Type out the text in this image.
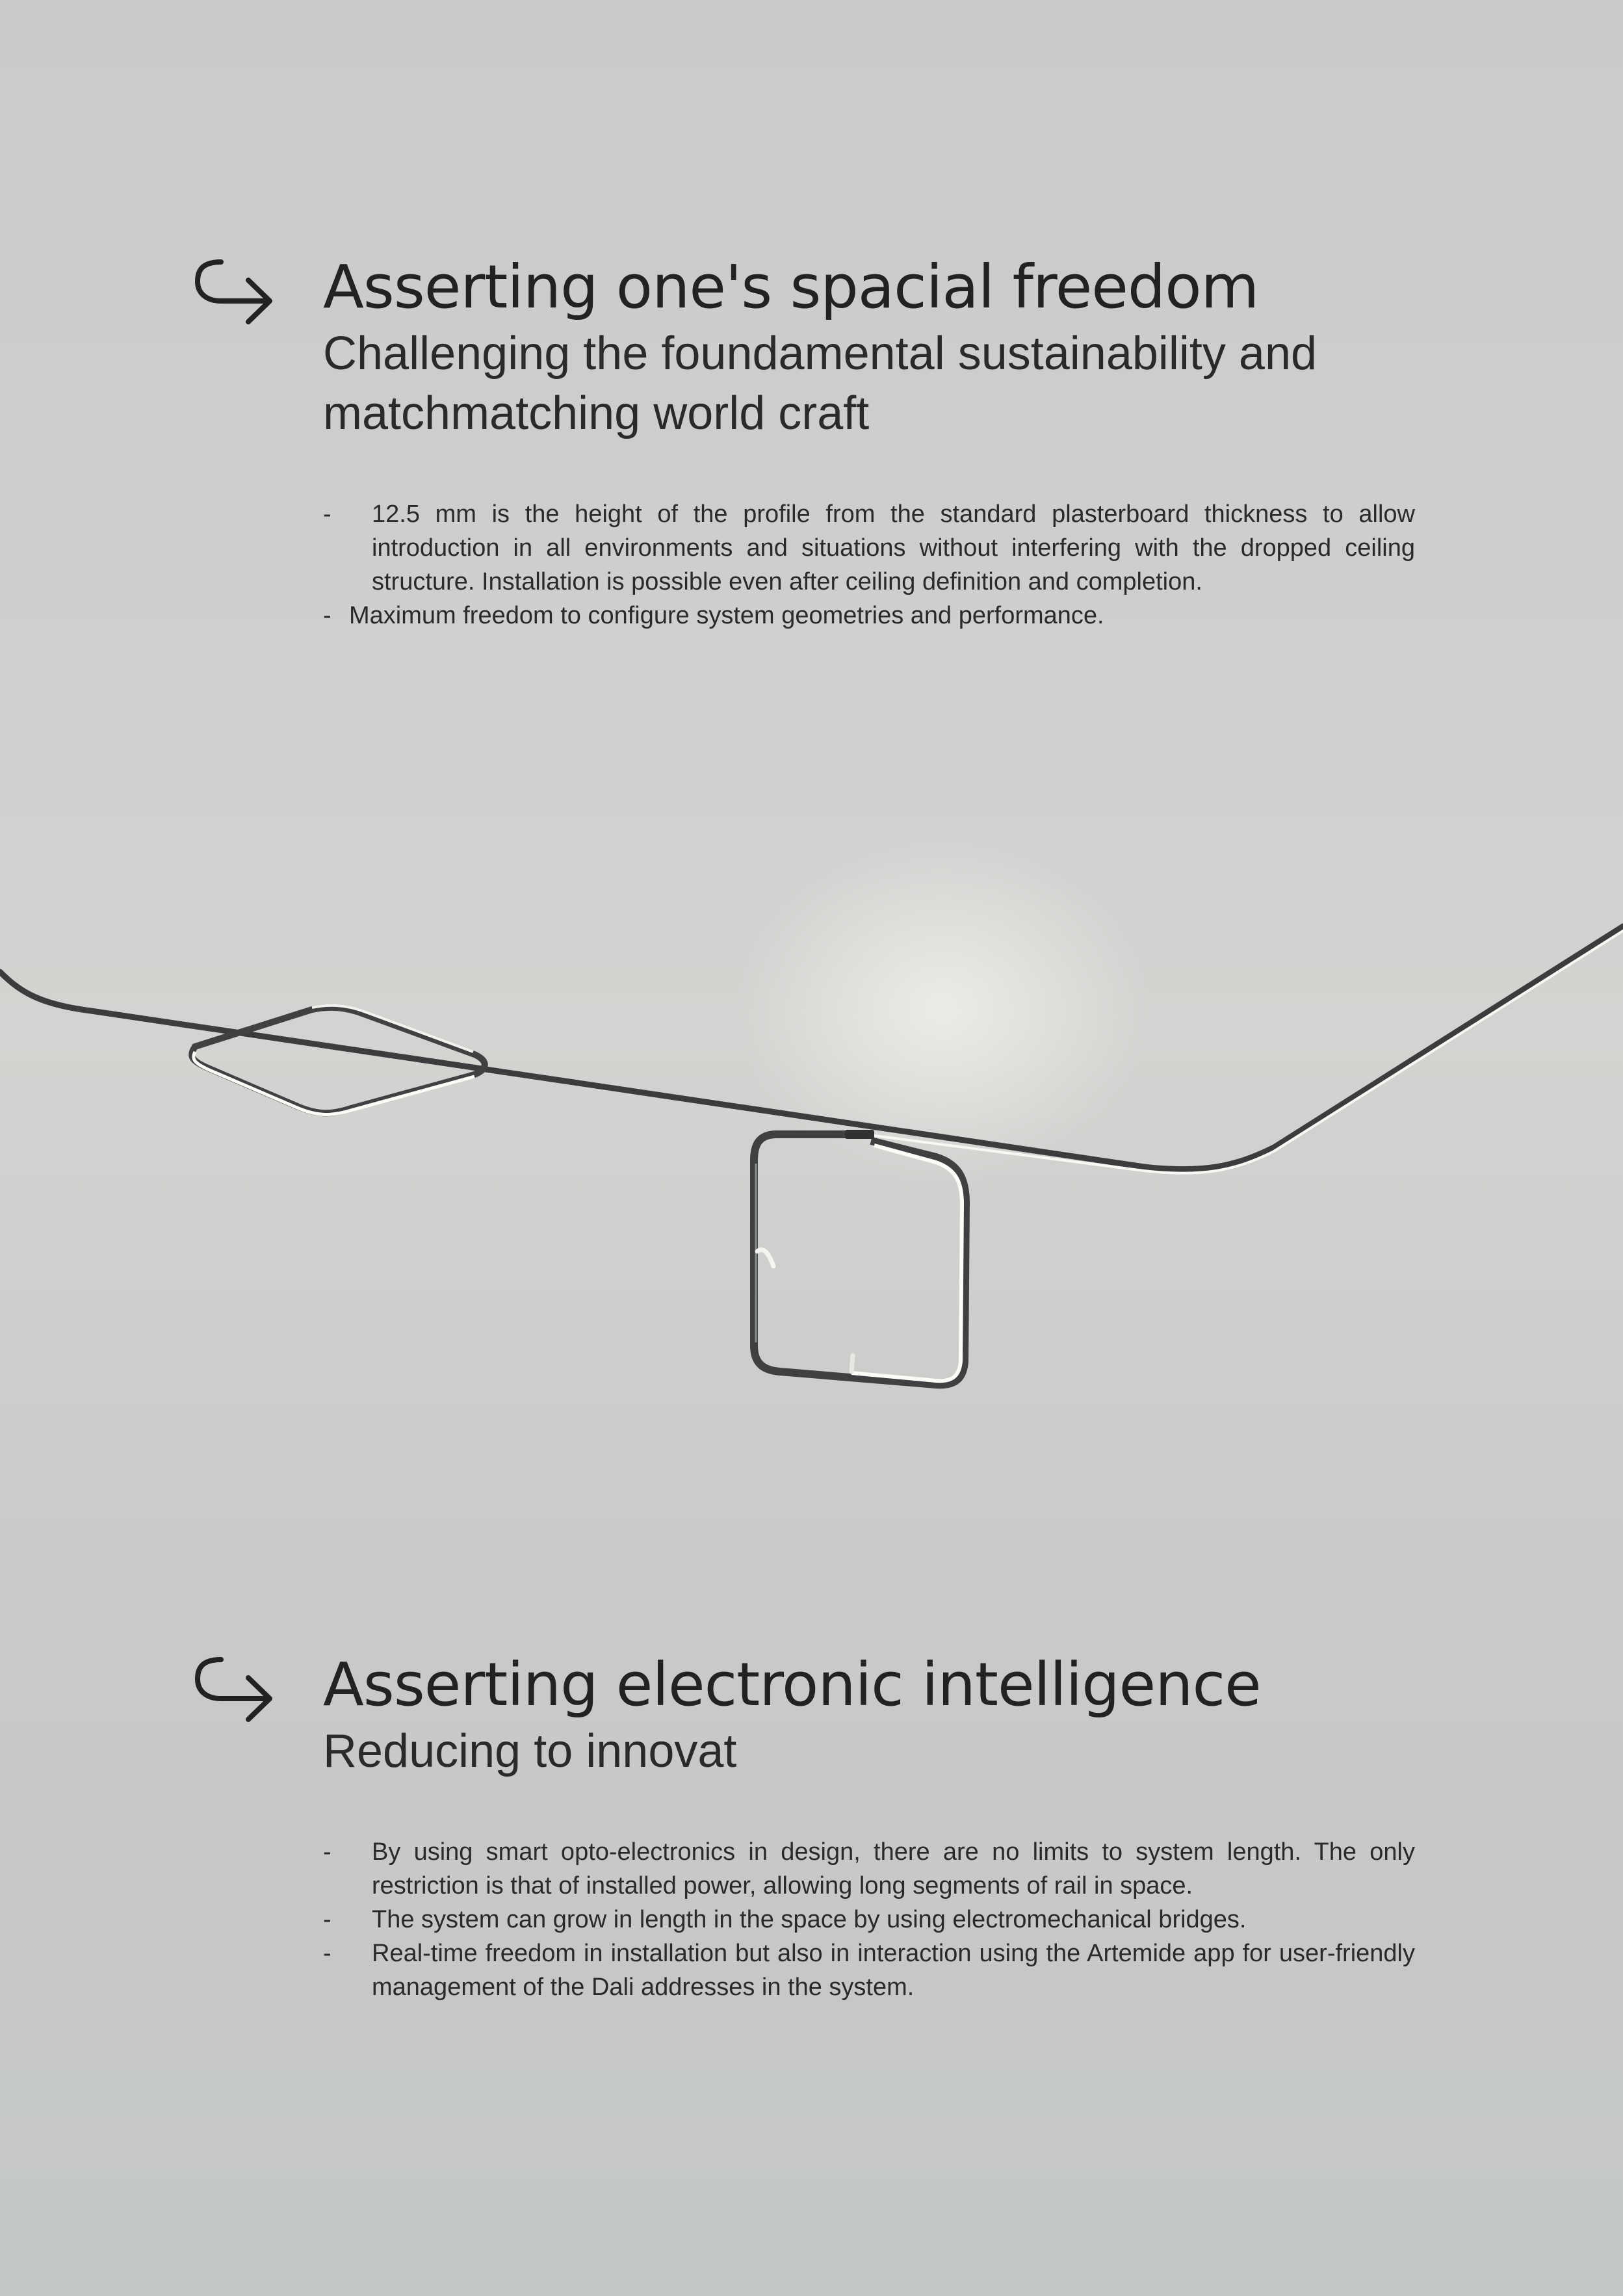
Asserting one's spacial freedom

Challenging the foundamental sustainability and matchmatching world craft

- 12.5 mm is the height of the profile from the standard plasterboard thickness to allow introduction in all environments and situations without interfering with the dropped ceiling structure. Installation is possible even after ceiling definition and completion.
- Maximum freedom to configure system geometries and performance.
Asserting electronic intelligence

Reducing to innovat

- By using smart opto-electronics in design, there are no limits to system length. The only restriction is that of installed power, allowing long segments of rail in space.
- The system can grow in length in the space by using electromechanical bridges.
- Real-time freedom in installation but also in interaction using the Artemide app for user-friendly management of the Dali addresses in the system.
